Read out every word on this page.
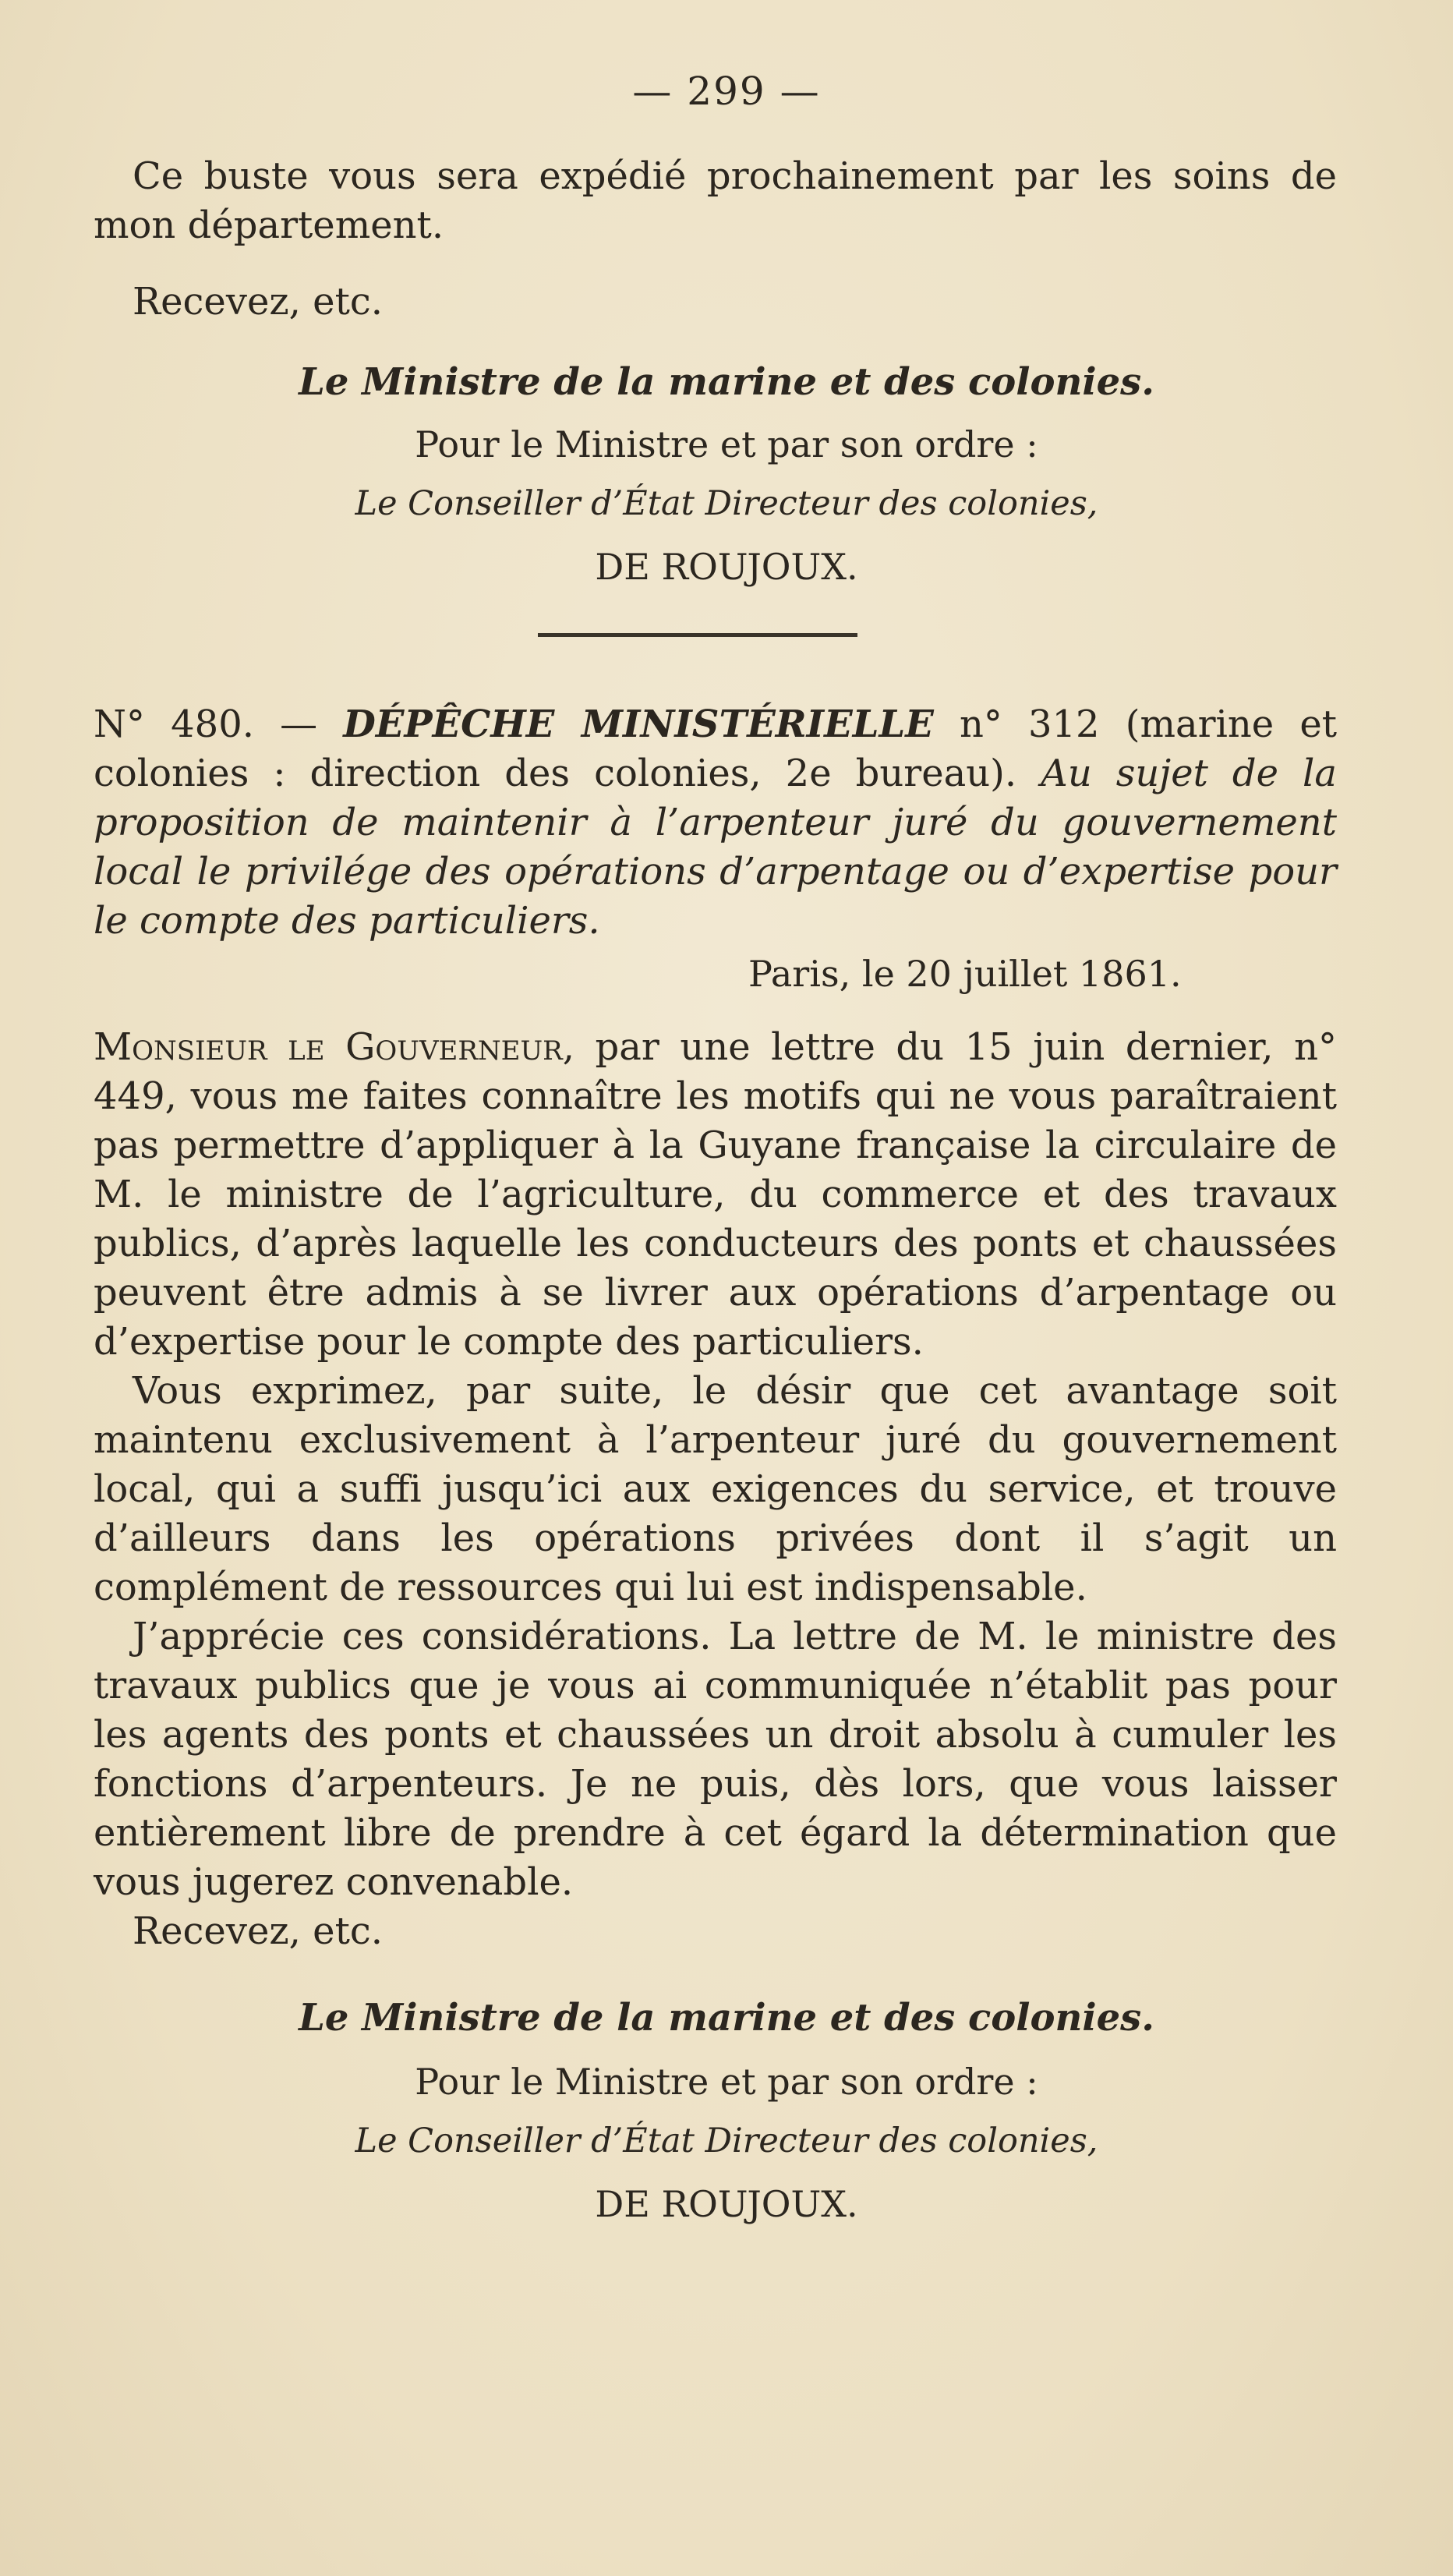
— 299 —

Ce buste vous sera expédié prochainement par les soins de mon département.

Recevez, etc.
Le Ministre de la marine et des colonies.
Pour le Ministre et par son ordre :
Le Conseiller d’État Directeur des colonies,
DE ROUJOUX.

N° 480. — DÉPÊCHE MINISTÉRIELLE n° 312 (marine et colonies : direction des colonies, 2e bureau). Au sujet de la proposition de maintenir à l’arpenteur juré du gouvernement local le privilége des opérations d’arpentage ou d’expertise pour le compte des particuliers.

Paris, le 20 juillet 1861.

Monsieur le Gouverneur, par une lettre du 15 juin dernier, n° 449, vous me faites connaître les motifs qui ne vous paraîtraient pas permettre d’appliquer à la Guyane française la circulaire de M. le ministre de l’agriculture, du commerce et des travaux publics, d’après laquelle les conducteurs des ponts et chaussées peuvent être admis à se livrer aux opérations d’arpentage ou d’expertise pour le compte des particuliers.

Vous exprimez, par suite, le désir que cet avantage soit maintenu exclusivement à l’arpenteur juré du gouvernement local, qui a suffi jusqu’ici aux exigences du service, et trouve d’ailleurs dans les opérations privées dont il s’agit un complément de ressources qui lui est indispensable.

J’apprécie ces considérations. La lettre de M. le ministre des travaux publics que je vous ai communiquée n’établit pas pour les agents des ponts et chaussées un droit absolu à cumuler les fonctions d’arpenteurs. Je ne puis, dès lors, que vous laisser entièrement libre de prendre à cet égard la détermination que vous jugerez convenable.

Recevez, etc.

Le Ministre de la marine et des colonies.
Pour le Ministre et par son ordre :
Le Conseiller d’État Directeur des colonies,
DE ROUJOUX.
